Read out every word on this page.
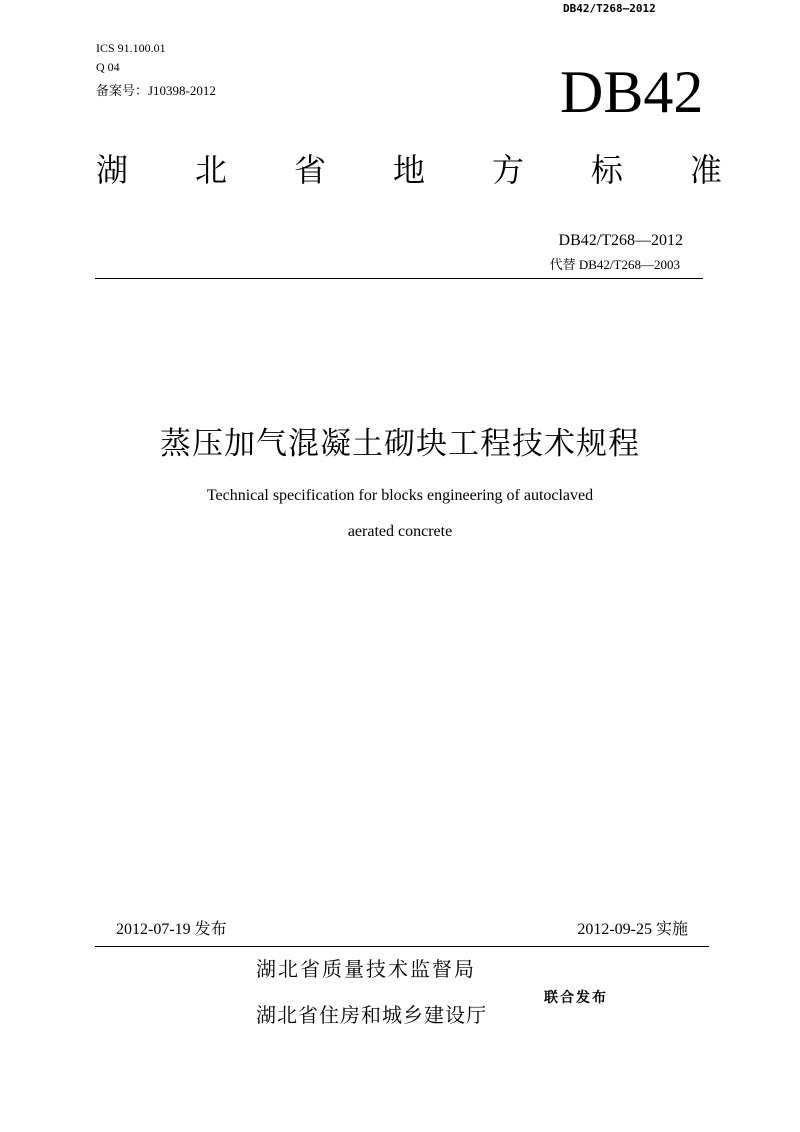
DB42/T268—2012
ICS 91.100.01
Q 04
备案号：J10398-2012	DB42
湖 北 省 地 方 标 准
DB42/T268—2012
代替 DB42/T268—2003
蒸压加气混凝土砌块工程技术规程
Technical specification for blocks engineering of autoclaved
aerated concrete
2012-07-19 发布	2012-09-25 实施
湖北省质量技术监督局
湖北省住房和城乡建设厅
联合发布
